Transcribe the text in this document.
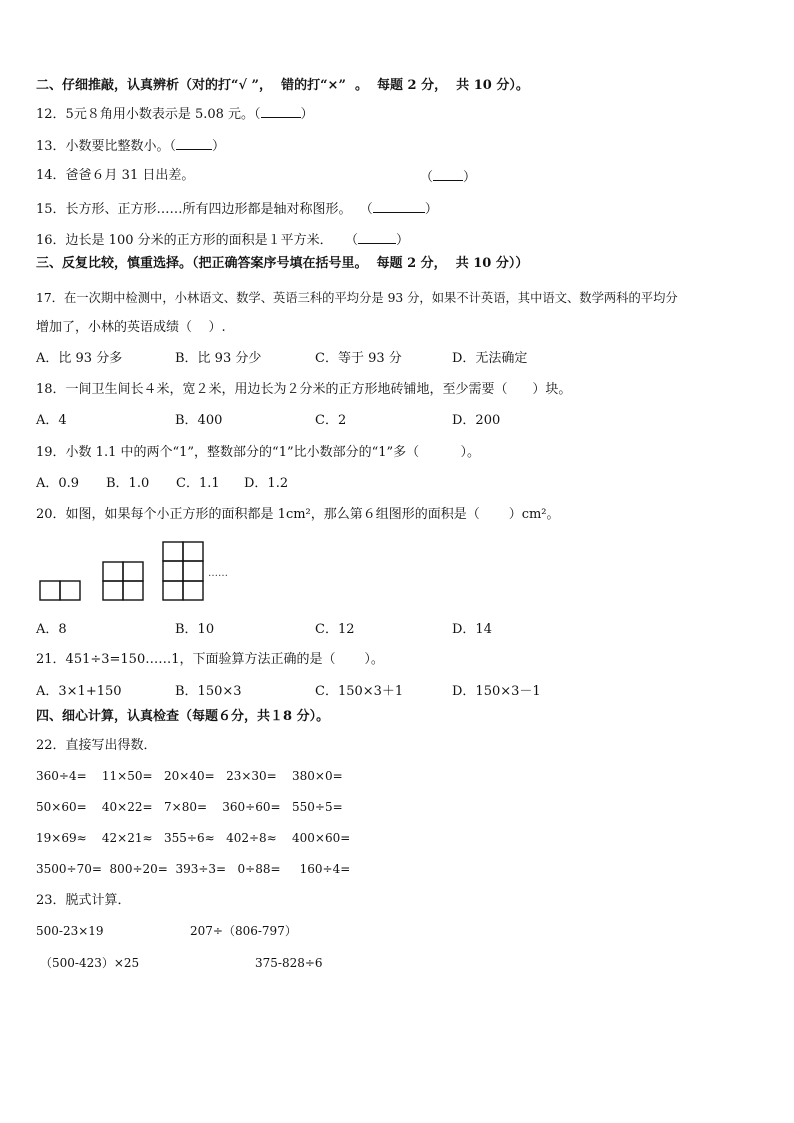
二、仔细推敲，认真辨析（对的打“√ ”，  错的打“×”  。  每题 2 分，  共 10 分）。
12．5元８角用小数表示是 5.08 元。（	）
13．小数要比整数小。（	）
14．爸爸６月 31 日出差。	（ ）
15．长方形、正方形……所有四边形都是轴对称图形。  （	）
16．边长是 100 分米的正方形的面积是１平方米．   （	）
三、反复比较，慎重选择。（把正确答案序号填在括号里。  每题 2 分，  共 10 分））
17．在一次期中检测中，小林语文、数学、英语三科的平均分是 93 分，如果不计英语，其中语文、数学两科的平均分
增加了，小林的英语成绩（    ）.
A．比 93 分多	B．比 93 分少	C．等于 93 分	D．无法确定
18．一间卫生间长４米，宽２米，用边长为２分米的正方形地砖铺地，至少需要（      ）块。
A．4	B．400	C．2	D．200
19．小数 1.1 中的两个“1”，整数部分的“1”比小数部分的“1”多（          ）。
A．0.9 B．1.0 C．1.1 D．1.2
20．如图，如果每个小正方形的面积都是 1cm²，那么第６组图形的面积是（       ）cm²。
……
A．8	B．10	C．12	D．14
21．451÷3=150……1，下面验算方法正确的是（       ）。
A．3×1+150	B．150×3	C．150×3＋1	D．150×3－1
四、细心计算，认真检查（每题６分，共１8 分）。
22．直接写出得数．
360÷4=    11×50=   20×40=   23×30=    380×0=
50×60=    40×22=   7×80=    360÷60=   550÷5=
19×69≈    42×21≈   355÷6≈   402÷8≈    400×60=
3500÷70=  800÷20=  393÷3=   0÷88=     160÷4=
23．脱式计算．
500-23×19	207÷（806-797）
（500-423）×25	375-828÷6
